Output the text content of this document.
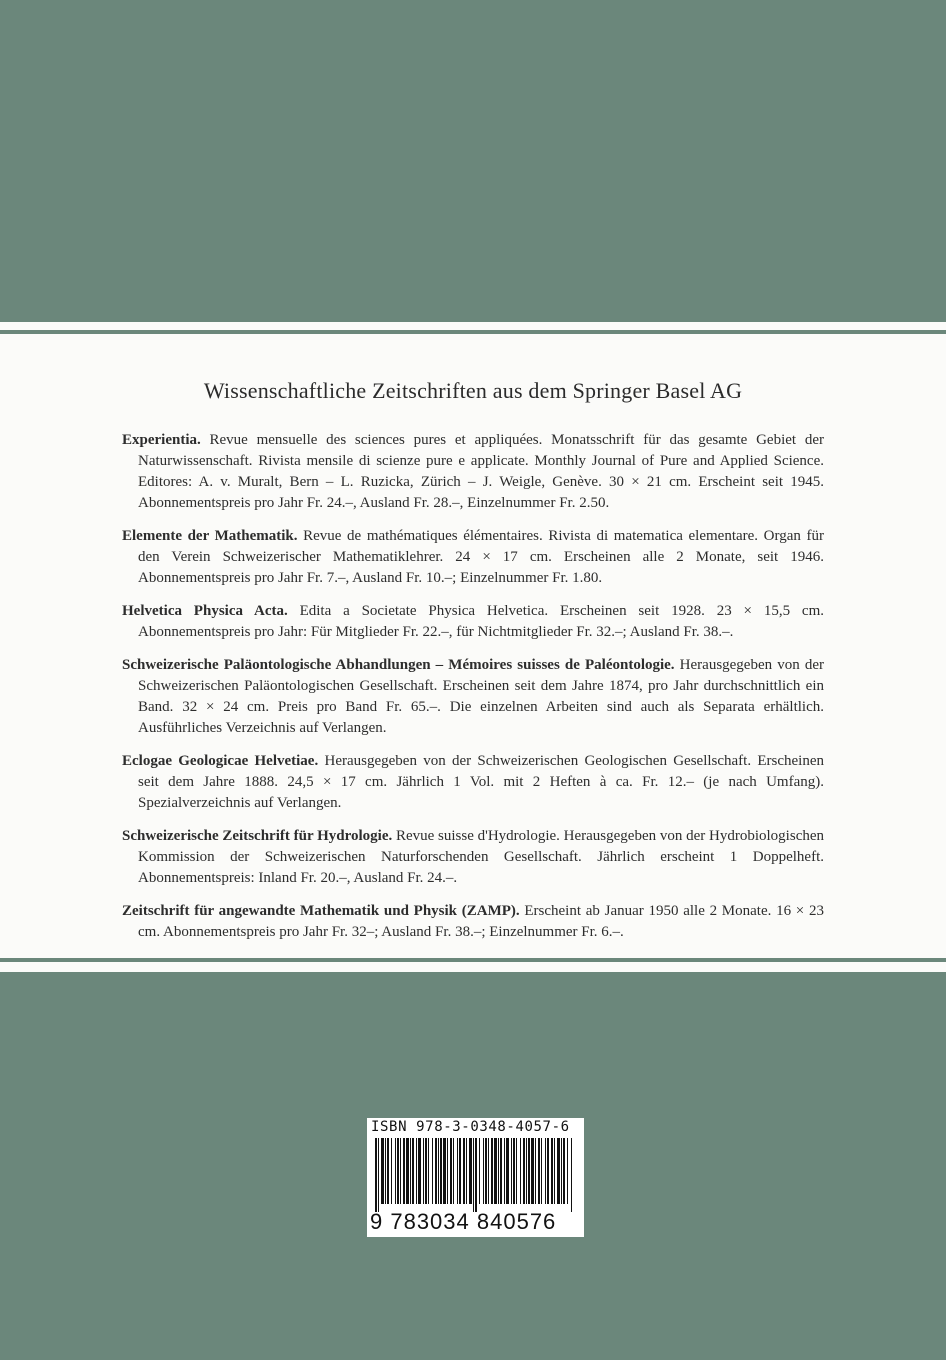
Wissenschaftliche Zeitschriften aus dem Springer Basel AG

Experientia. Revue mensuelle des sciences pures et appliquées. Monatsschrift für das gesamte Gebiet der Naturwissenschaft. Rivista mensile di scienze pure e applicate. Monthly Journal of Pure and Applied Science. Editores: A. v. Muralt, Bern – L. Ruzicka, Zürich – J. Weigle, Genève. 30 × 21 cm. Erscheint seit 1945. Abonnementspreis pro Jahr Fr. 24.–, Ausland Fr. 28.–, Einzelnummer Fr. 2.50.

Elemente der Mathematik. Revue de mathématiques élémentaires. Rivista di matematica elementare. Organ für den Verein Schweizerischer Mathematiklehrer. 24 × 17 cm. Erscheinen alle 2 Monate, seit 1946. Abonnementspreis pro Jahr Fr. 7.–, Ausland Fr. 10.–; Einzelnummer Fr. 1.80.

Helvetica Physica Acta. Edita a Societate Physica Helvetica. Erscheinen seit 1928. 23 × 15,5 cm. Abonnementspreis pro Jahr: Für Mitglieder Fr. 22.–, für Nichtmitglieder Fr. 32.–; Ausland Fr. 38.–.

Schweizerische Paläontologische Abhandlungen – Mémoires suisses de Paléontologie. Herausgegeben von der Schweizerischen Paläontologischen Gesellschaft. Erscheinen seit dem Jahre 1874, pro Jahr durchschnittlich ein Band. 32 × 24 cm. Preis pro Band Fr. 65.–. Die einzelnen Arbeiten sind auch als Separata erhältlich. Ausführliches Verzeichnis auf Verlangen.

Eclogae Geologicae Helvetiae. Herausgegeben von der Schweizerischen Geologischen Gesellschaft. Erscheinen seit dem Jahre 1888. 24,5 × 17 cm. Jährlich 1 Vol. mit 2 Heften à ca. Fr. 12.– (je nach Umfang). Spezialverzeichnis auf Verlangen.

Schweizerische Zeitschrift für Hydrologie. Revue suisse d'Hydrologie. Herausgegeben von der Hydrobiologischen Kommission der Schweizerischen Naturforschenden Gesellschaft. Jährlich erscheint 1 Doppelheft. Abonnementspreis: Inland Fr. 20.–, Ausland Fr. 24.–.

Zeitschrift für angewandte Mathematik und Physik (ZAMP). Erscheint ab Januar 1950 alle 2 Monate. 16 × 23 cm. Abonnementspreis pro Jahr Fr. 32–; Ausland Fr. 38.–; Einzelnummer Fr. 6.–.

ISBN 978-3-0348-4057-6
9 783034 840576
